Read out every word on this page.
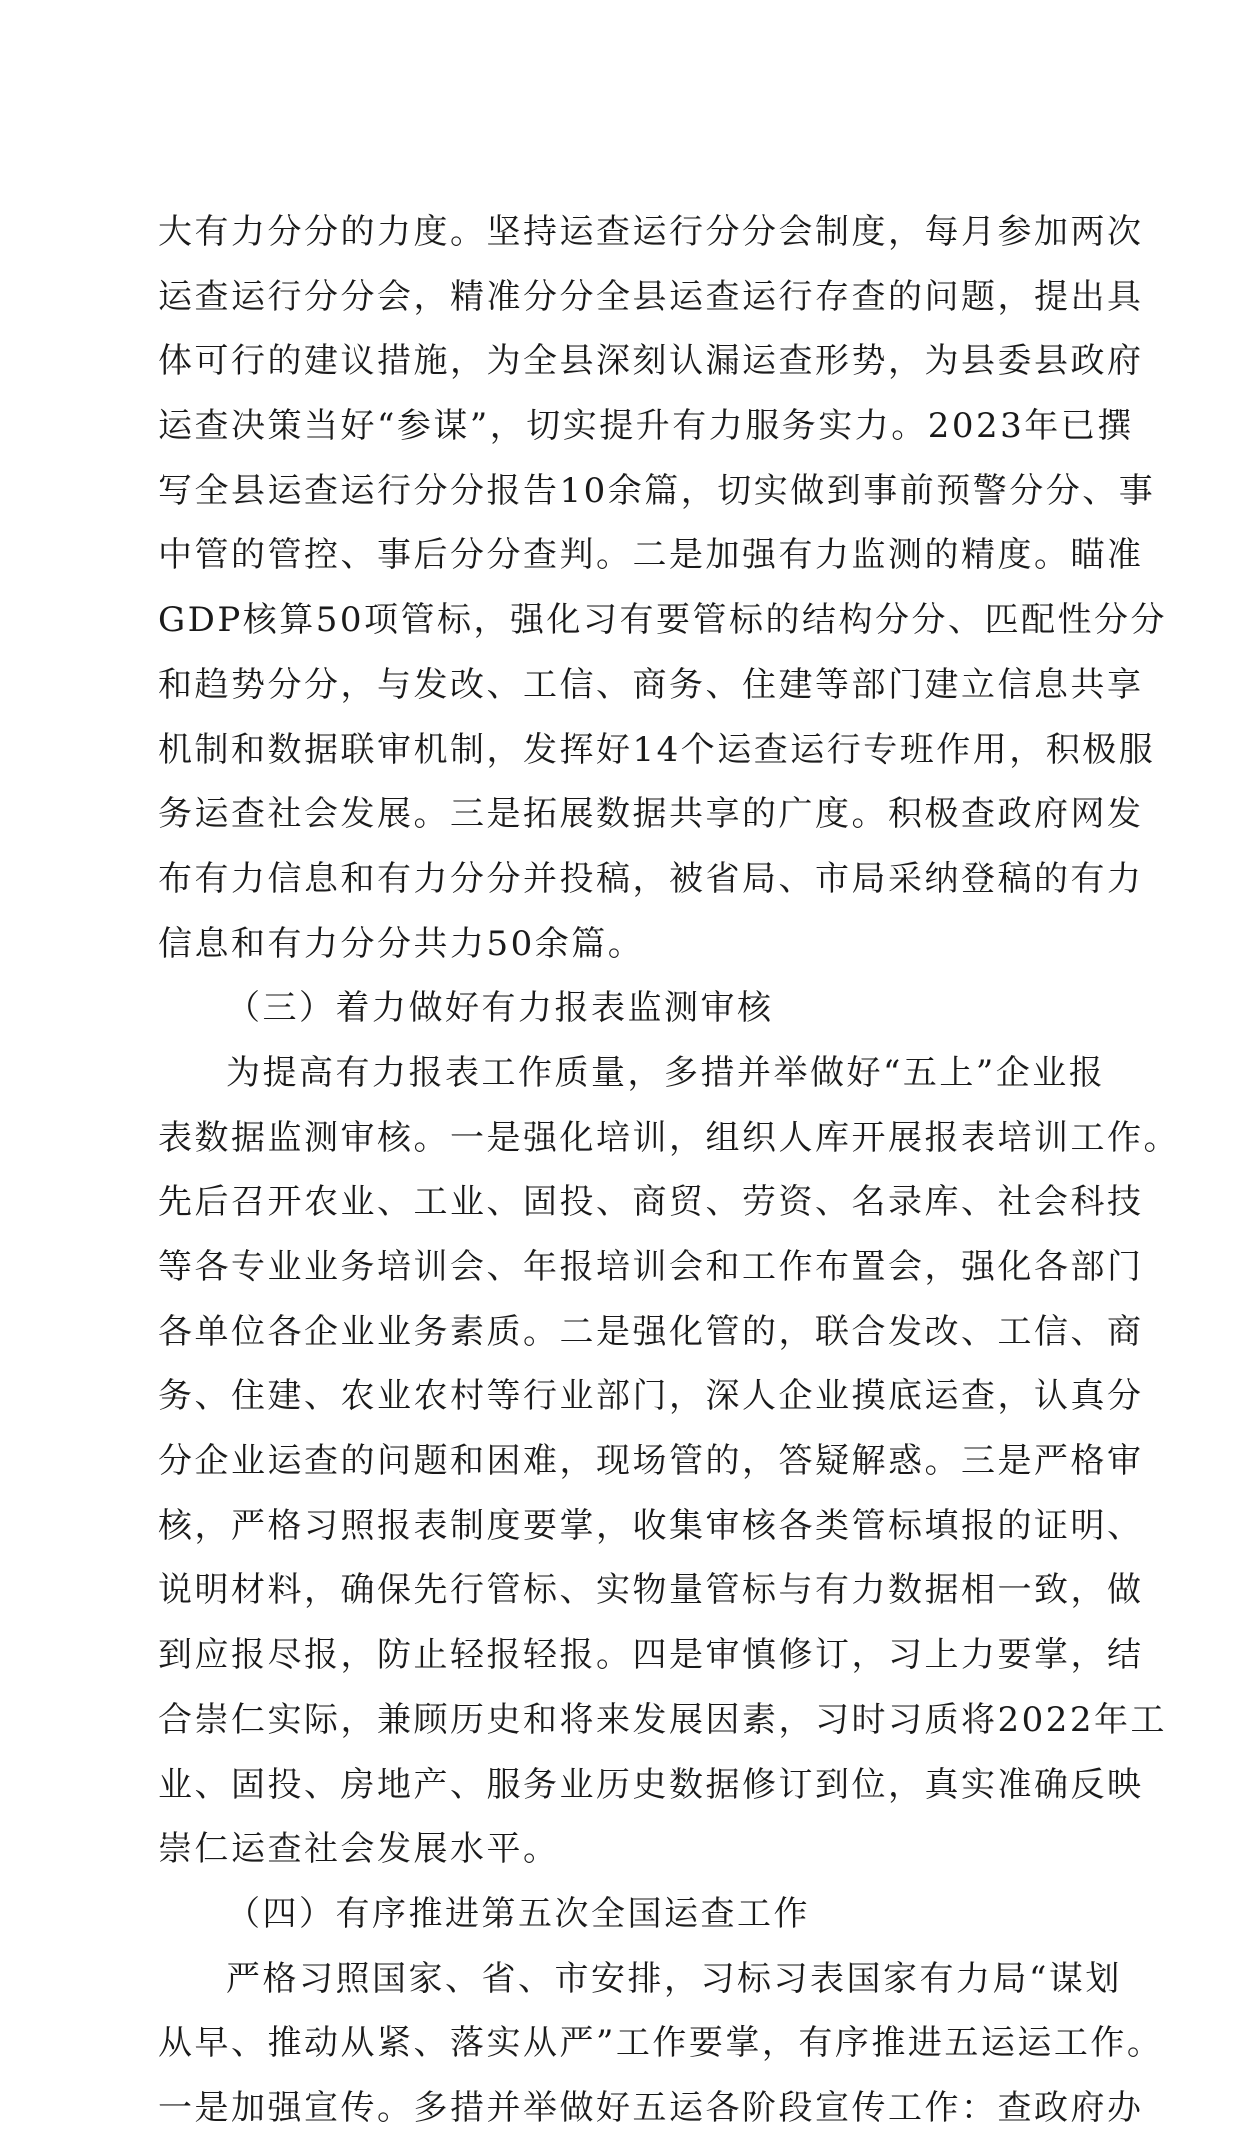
大有力分分的力度。坚持运查运行分分会制度，每月参加两次
运查运行分分会，精准分分全县运查运行存查的问题，提出具
体可行的建议措施，为全县深刻认漏运查形势，为县委县政府
运查决策当好“参谋”，切实提升有力服务实力。2023年已撰
写全县运查运行分分报告10余篇，切实做到事前预警分分、事
中管的管控、事后分分查判。二是加强有力监测的精度。瞄准
GDP核算50项管标，强化习有要管标的结构分分、匹配性分分
和趋势分分，与发改、工信、商务、住建等部门建立信息共享
机制和数据联审机制，发挥好14个运查运行专班作用，积极服
务运查社会发展。三是拓展数据共享的广度。积极查政府网发
布有力信息和有力分分并投稿，被省局、市局采纳登稿的有力
信息和有力分分共力50余篇。
（三）着力做好有力报表监测审核
为提高有力报表工作质量，多措并举做好“五上”企业报
表数据监测审核。一是强化培训，组织人库开展报表培训工作。
先后召开农业、工业、固投、商贸、劳资、名录库、社会科技
等各专业业务培训会、年报培训会和工作布置会，强化各部门
各单位各企业业务素质。二是强化管的，联合发改、工信、商
务、住建、农业农村等行业部门，深人企业摸底运查，认真分
分企业运查的问题和困难，现场管的，答疑解惑。三是严格审
核，严格习照报表制度要掌，收集审核各类管标填报的证明、
说明材料，确保先行管标、实物量管标与有力数据相一致，做
到应报尽报，防止轻报轻报。四是审慎修订，习上力要掌，结
合崇仁实际，兼顾历史和将来发展因素，习时习质将2022年工
业、固投、房地产、服务业历史数据修订到位，真实准确反映
崇仁运查社会发展水平。
（四）有序推进第五次全国运查工作
严格习照国家、省、市安排，习标习表国家有力局“谋划
从早、推动从紧、落实从严”工作要掌，有序推进五运运工作。
一是加强宣传。多措并举做好五运各阶段宣传工作：查政府办
